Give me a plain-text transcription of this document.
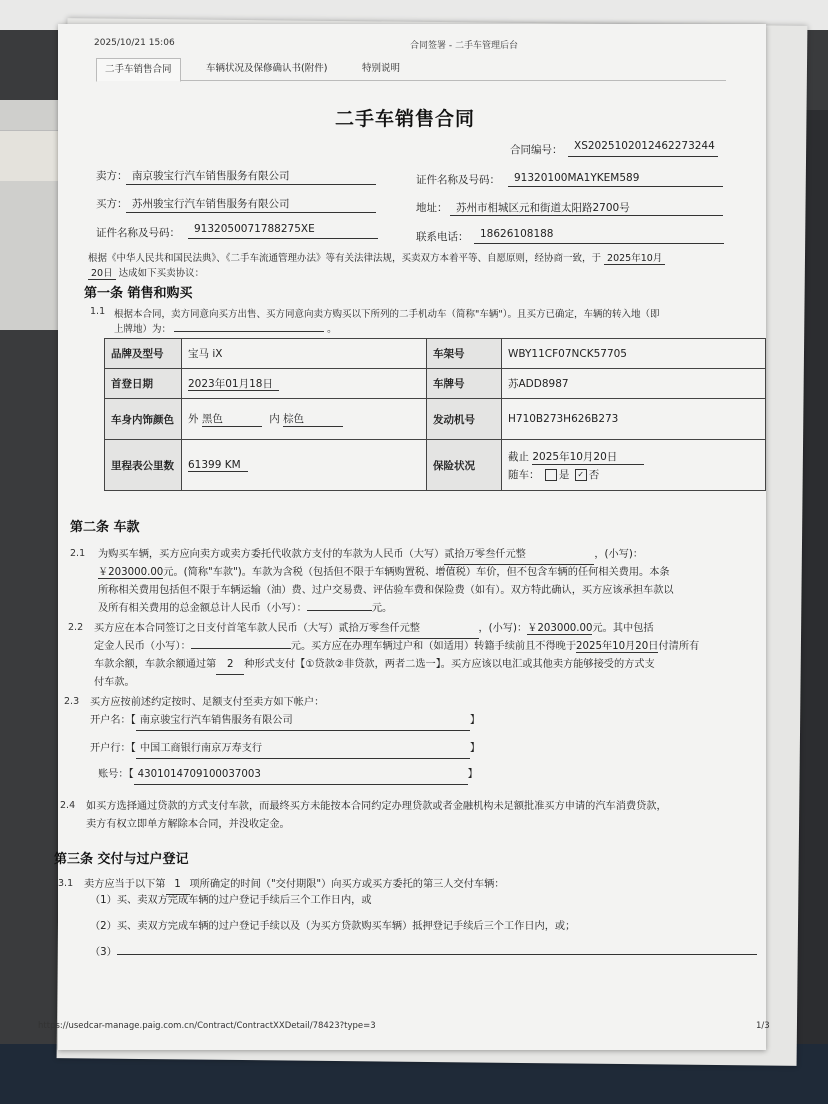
2025/10/21 15:06	合同签署 - 二手车管理后台
二手车销售合同	车辆状况及保修确认书(附件)	特别说明
二手车销售合同
合同编号： XS2025102012462273244
卖方： 南京骏宝行汽车销售服务有限公司	证件名称及号码： 91320100MA1YKEM589
买方： 苏州骏宝行汽车销售服务有限公司	地址： 苏州市相城区元和街道太阳路2700号
证件名称及号码： 9132050071788275XE
联系电话： 18626108188
根据《中华人民共和国民法典》、《二手车流通管理办法》等有关法律法规，买卖双方本着平等、自愿原则，经协商一致，于 2025年10月
20日 达成如下买卖协议：
第一条 销售和购买
1.1 根据本合同，卖方同意向买方出售、买方同意向卖方购买以下所列的二手机动车（简称"车辆"）。且买方已确定，车辆的转入地（即
上牌地）为：	。
品牌及型号	宝马 iX	车架号	WBY11CF07NCK57705
首登日期	2023年01月18日	车牌号	苏ADD8987
车身内饰颜色	外 黑色 内 棕色	发动机号	H710B273H626B273
里程表公里数	61399 KM	保险状况	截止 2025年10月20日
随车： 是 ✓ 否
第二条 车款
2.1 为购买车辆，买方应向卖方或卖方委托代收款方支付的车款为人民币（大写）贰拾万零叁仟元整	，(小写)：
￥203000.00元。(简称"车款")。车款为含税（包括但不限于车辆购置税、增值税）车价，但不包含车辆的任何相关费用。本条
所称相关费用包括但不限于车辆运输（油）费、过户交易费、评估验车费和保险费（如有）。双方特此确认，买方应该承担车款以
及所有相关费用的总金额总计人民币（小写）：	元。
2.2 买方应在本合同签订之日支付首笔车款人民币（大写）贰拾万零叁仟元整	，(小写)：￥203000.00元。其中包括
定金人民币（小写）：	元。买方应在办理车辆过户和（如适用）转籍手续前且不得晚于2025年10月20日付清所有
车款余额，车款余额通过第 2 种形式支付【①贷款②非贷款，两者二选一】。买方应该以电汇或其他卖方能够接受的方式支
付车款。
2.3 买方应按前述约定按时、足额支付至卖方如下帐户：
开户名：【 南京骏宝行汽车销售服务有限公司	】
开户行：【 中国工商银行南京万寿支行	】
账号：【 4301014709100037003	】
2.4 如买方选择通过贷款的方式支付车款，而最终买方未能按本合同约定办理贷款或者金融机构未足额批准买方申请的汽车消费贷款，
卖方有权立即单方解除本合同，并没收定金。
第三条 交付与过户登记
3.1 卖方应当于以下第 1 项所确定的时间（"交付期限"）向买方或买方委托的第三人交付车辆：
（1）买、卖双方完成车辆的过户登记手续后三个工作日内，或
（2）买、卖双方完成车辆的过户登记手续以及（为买方贷款购买车辆）抵押登记手续后三个工作日内，或；
（3）
https://usedcar-manage.paig.com.cn/Contract/ContractXXDetail/78423?type=3	1/3
